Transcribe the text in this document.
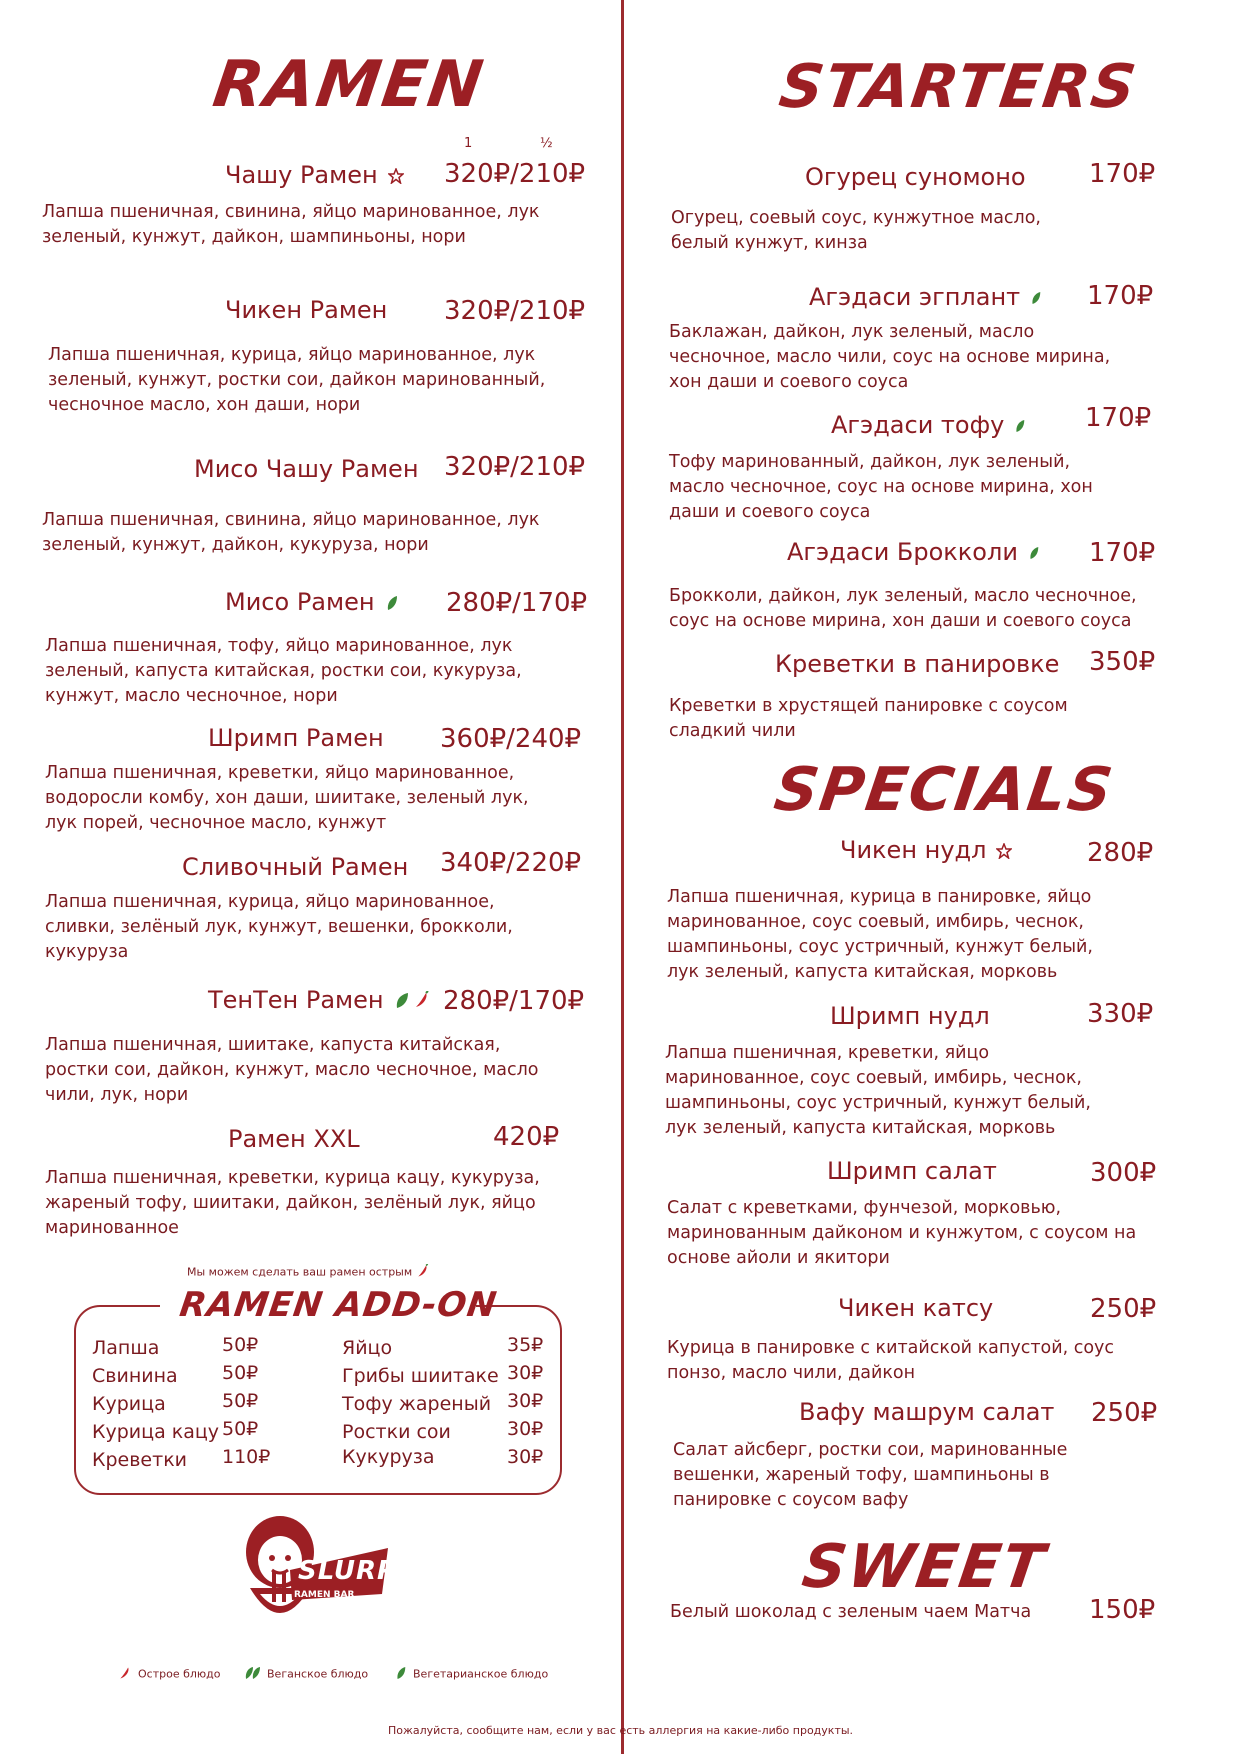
RAMEN
1	½
Чашу Рамен	320₽/210₽
Лапша пшеничная, свинина, яйцо маринованное, лук зеленый, кунжут, дайкон, шампиньоны, нори
Чикен Рамен 320₽/210₽
Лапша пшеничная, курица, яйцо маринованное, лук зеленый, кунжут, ростки сои, дайкон маринованный, чесночное масло, хон даши, нори
Мисо Чашу Рамен 320₽/210₽
Лапша пшеничная, свинина, яйцо маринованное, лук зеленый, кунжут, дайкон, кукуруза, нори
Мисо Рамен	280₽/170₽
Лапша пшеничная, тофу, яйцо маринованное, лук зеленый, капуста китайская, ростки сои, кукуруза, кунжут, масло чесночное, нори
Шримп Рамен 360₽/240₽
Лапша пшеничная, креветки, яйцо маринованное, водоросли комбу, хон даши, шиитаке, зеленый лук, лук порей, чесночное масло, кунжут
Сливочный Рамен 340₽/220₽
Лапша пшеничная, курица, яйцо маринованное, сливки, зелёный лук, кунжут, вешенки, брокколи, кукуруза
ТенТен Рамен	280₽/170₽
Лапша пшеничная, шиитаке, капуста китайская, ростки сои, дайкон, кунжут, масло чесночное, масло чили, лук, нори
Рамен XXL	420₽
Лапша пшеничная, креветки, курица кацу, кукуруза, жареный тофу, шиитаки, дайкон, зелёный лук, яйцо маринованное
Мы можем сделать ваш рамен острым
RAMEN ADD-ON
Лапша	50₽
Свинина 50₽
Курица	50₽
Курица кацу 50₽
Креветки 110₽
Яйцо	35₽
Грибы шиитаке 30₽
Тофу жареный 30₽
Ростки сои	30₽
Кукуруза	30₽
SLURP
RAMEN BAR
Острое блюдо	Веганское блюдо	Вегетарианское блюдо
STARTERS
Огурец суномоно 170₽
Огурец, соевый соус, кунжутное масло, белый кунжут, кинза
Агэдаси эгплант	170₽
Баклажан, дайкон, лук зеленый, масло чесночное, масло чили, соус на основе мирина, хон даши и соевого соуса
Агэдаси тофу	170₽
Тофу маринованный, дайкон, лук зеленый, масло чесночное, соус на основе мирина, хон даши и соевого соуса
Агэдаси Брокколи	170₽
Брокколи, дайкон, лук зеленый, масло чесночное, соус на основе мирина, хон даши и соевого соуса
Креветки в панировке 350₽
Креветки в хрустящей панировке с соусом сладкий чили
SPECIALS
Чикен нудл	280₽
Лапша пшеничная, курица в панировке, яйцо маринованное, соус соевый, имбирь, чеснок, шампиньоны, соус устричный, кунжут белый, лук зеленый, капуста китайская, морковь
Шримп нудл	330₽
Лапша пшеничная, креветки, яйцо маринованное, соус соевый, имбирь, чеснок, шампиньоны, соус устричный, кунжут белый, лук зеленый, капуста китайская, морковь
Шримп салат	300₽
Салат с креветками, фунчезой, морковью, маринованным дайконом и кунжутом, с соусом на основе айоли и якитори
Чикен катсу	250₽
Курица в панировке с китайской капустой, соус понзо, масло чили, дайкон
Вафу машрум салат 250₽
Салат айсберг, ростки сои, маринованные вешенки, жареный тофу, шампиньоны в панировке с соусом вафу
SWEET
Белый шоколад с зеленым чаем Матча 150₽
Пожалуйста, сообщите нам, если у вас есть аллергия на какие-либо продукты.
